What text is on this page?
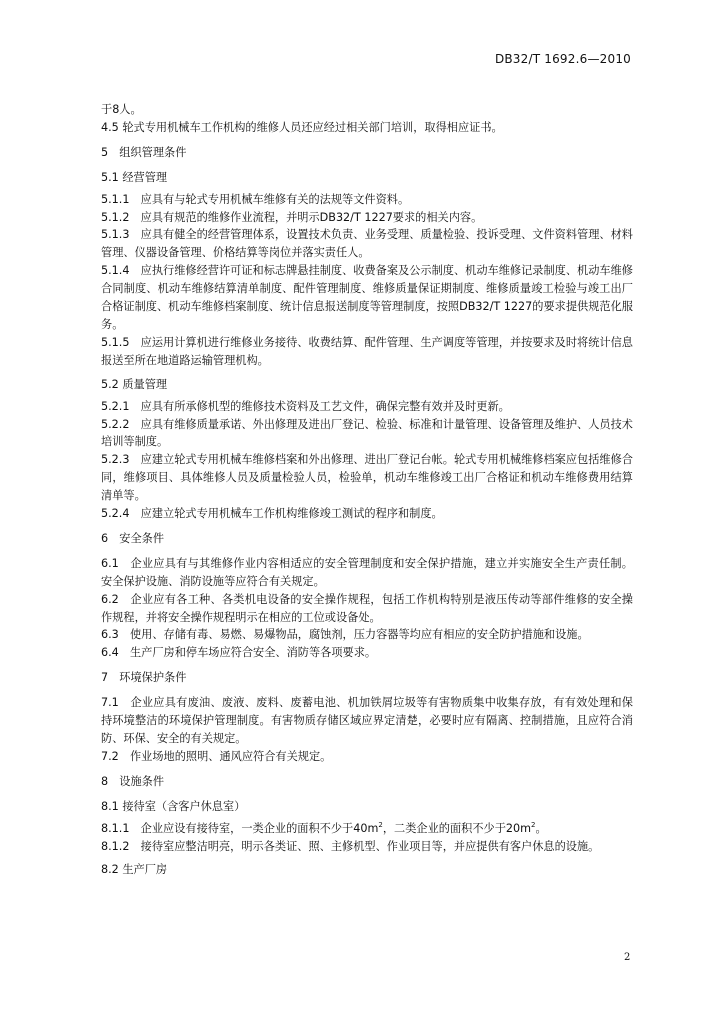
DB32/T 1692.6—2010

于8人。

4.5 轮式专用机械车工作机构的维修人员还应经过相关部门培训，取得相应证书。

5　组织管理条件

5.1 经营管理

5.1.1　应具有与轮式专用机械车维修有关的法规等文件资料。

5.1.2　应具有规范的维修作业流程，并明示DB32/T 1227要求的相关内容。

5.1.3　应具有健全的经营管理体系，设置技术负责、业务受理、质量检验、投诉受理、文件资料管理、材料管理、仪器设备管理、价格结算等岗位并落实责任人。

5.1.4　应执行维修经营许可证和标志牌悬挂制度、收费备案及公示制度、机动车维修记录制度、机动车维修合同制度、机动车维修结算清单制度、配件管理制度、维修质量保证期制度、维修质量竣工检验与竣工出厂合格证制度、机动车维修档案制度、统计信息报送制度等管理制度，按照DB32/T 1227的要求提供规范化服务。

5.1.5　应运用计算机进行维修业务接待、收费结算、配件管理、生产调度等管理，并按要求及时将统计信息报送至所在地道路运输管理机构。

5.2 质量管理

5.2.1　应具有所承修机型的维修技术资料及工艺文件，确保完整有效并及时更新。

5.2.2　应具有维修质量承诺、外出修理及进出厂登记、检验、标准和计量管理、设备管理及维护、人员技术培训等制度。

5.2.3　应建立轮式专用机械车维修档案和外出修理、进出厂登记台帐。轮式专用机械维修档案应包括维修合同，维修项目、具体维修人员及质量检验人员，检验单，机动车维修竣工出厂合格证和机动车维修费用结算清单等。

5.2.4　应建立轮式专用机械车工作机构维修竣工测试的程序和制度。

6　安全条件

6.1　企业应具有与其维修作业内容相适应的安全管理制度和安全保护措施，建立并实施安全生产责任制。安全保护设施、消防设施等应符合有关规定。

6.2　企业应有各工种、各类机电设备的安全操作规程，包括工作机构特别是液压传动等部件维修的安全操作规程，并将安全操作规程明示在相应的工位或设备处。

6.3　使用、存储有毒、易燃、易爆物品，腐蚀剂，压力容器等均应有相应的安全防护措施和设施。

6.4　生产厂房和停车场应符合安全、消防等各项要求。

7　环境保护条件

7.1　企业应具有废油、废液、废料、废蓄电池、机加铁屑垃圾等有害物质集中收集存放，有有效处理和保持环境整洁的环境保护管理制度。有害物质存储区域应界定清楚，必要时应有隔离、控制措施，且应符合消防、环保、安全的有关规定。

7.2　作业场地的照明、通风应符合有关规定。

8　设施条件

8.1 接待室（含客户休息室）

8.1.1　企业应设有接待室，一类企业的面积不少于$40m^2$，二类企业的面积不少于$20m^2$。

8.1.2　接待室应整洁明亮，明示各类证、照、主修机型、作业项目等，并应提供有客户休息的设施。

8.2 生产厂房

2
